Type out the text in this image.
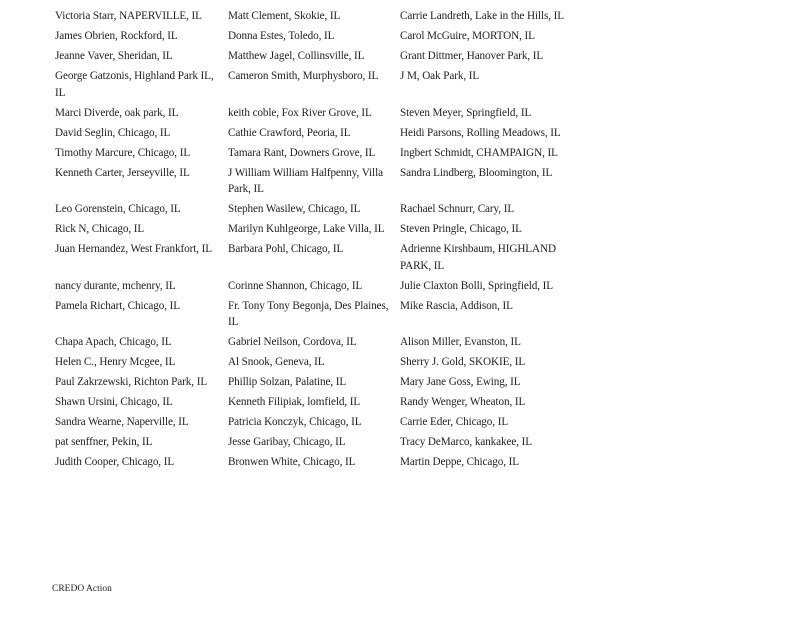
Victoria Starr, NAPERVILLE, IL	Matt Clement, Skokie, IL	Carrie Landreth, Lake in the Hills, IL
James Obrien, Rockford, IL	Donna Estes, Toledo, IL	Carol McGuire, MORTON, IL
Jeanne Vaver, Sheridan, IL	Matthew Jagel, Collinsville, IL	Grant Dittmer, Hanover Park, IL
George Gatzonis, Highland Park IL, IL	Cameron Smith, Murphysboro, IL	J M, Oak Park, IL
Marci Diverde, oak park, IL	keith coble, Fox River Grove, IL	Steven Meyer, Springfield, IL
David Seglin, Chicago, IL	Cathie Crawford, Peoria, IL	Heidi Parsons, Rolling Meadows, IL
Timothy Marcure, Chicago, IL	Tamara Rant, Downers Grove, IL	Ingbert Schmidt, CHAMPAIGN, IL
Kenneth Carter, Jerseyville, IL	J William William Halfpenny, Villa Park, IL	Sandra Lindberg, Bloomington, IL
Leo Gorenstein, Chicago, IL	Stephen Wasilew, Chicago, IL	Rachael Schnurr, Cary, IL
Rick N, Chicago, IL	Marilyn Kuhlgeorge, Lake Villa, IL	Steven Pringle, Chicago, IL
Juan Hernandez, West Frankfort, IL	Barbara Pohl, Chicago, IL	Adrienne Kirshbaum, HIGHLAND PARK, IL
nancy durante, mchenry, IL	Corinne Shannon, Chicago, IL	Julie Claxton Bolli, Springfield, IL
Pamela Richart, Chicago, IL	Fr. Tony Tony Begonja, Des Plaines, IL	Mike Rascia, Addison, IL
Chapa Apach, Chicago, IL	Gabriel Neilson, Cordova, IL	Alison Miller, Evanston, IL
Helen C., Henry Mcgee, IL	Al Snook, Geneva, IL	Sherry J. Gold, SKOKIE, IL
Paul Zakrzewski, Richton Park, IL	Phillip Solzan, Palatine, IL	Mary Jane Goss, Ewing, IL
Shawn Ursini, Chicago, IL	Kenneth Filipiak, lomfield, IL	Randy Wenger, Wheaton, IL
Sandra Wearne, Naperville, IL	Patricia Konczyk, Chicago, IL	Carrie Eder, Chicago, IL
pat senffner, Pekin, IL	Jesse Garibay, Chicago, IL	Tracy DeMarco, kankakee, IL
Judith Cooper, Chicago, IL	Bronwen White, Chicago, IL	Martin Deppe, Chicago, IL
CREDO Action
